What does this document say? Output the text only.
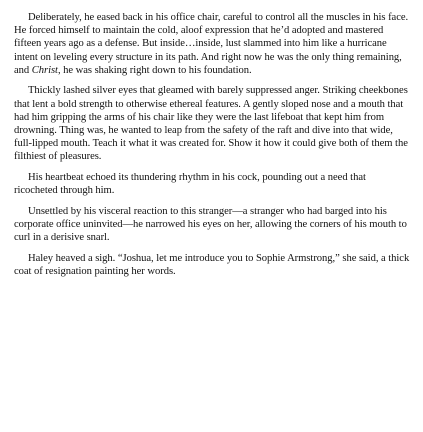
Deliberately, he eased back in his office chair, careful to control all the muscles in his face. He forced himself to maintain the cold, aloof expression that he’d adopted and mastered fifteen years ago as a defense. But inside…inside, lust slammed into him like a hurricane intent on leveling every structure in its path. And right now he was the only thing remaining, and Christ, he was shaking right down to his foundation.

Thickly lashed silver eyes that gleamed with barely suppressed anger. Striking cheekbones that lent a bold strength to otherwise ethereal features. A gently sloped nose and a mouth that had him gripping the arms of his chair like they were the last lifeboat that kept him from drowning. Thing was, he wanted to leap from the safety of the raft and dive into that wide, full-lipped mouth. Teach it what it was created for. Show it how it could give both of them the filthiest of pleasures.

His heartbeat echoed its thundering rhythm in his cock, pounding out a need that ricocheted through him.

Unsettled by his visceral reaction to this stranger—a stranger who had barged into his corporate office uninvited—he narrowed his eyes on her, allowing the corners of his mouth to curl in a derisive snarl.

Haley heaved a sigh. “Joshua, let me introduce you to Sophie Armstrong,” she said, a thick coat of resignation painting her words.
